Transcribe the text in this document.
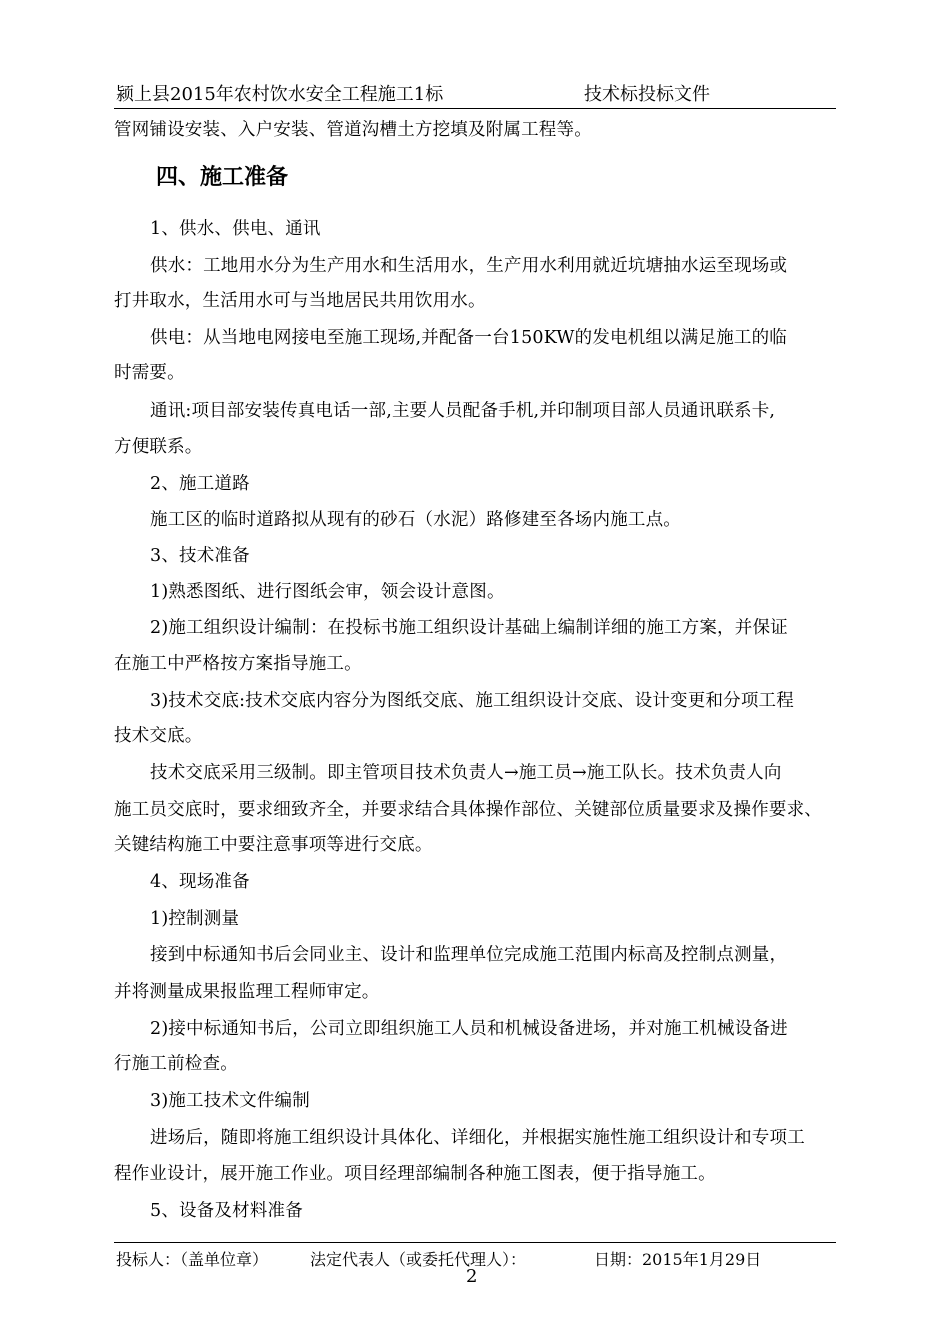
颍上县2015年农村饮水安全工程施工1标	技术标投标文件
管网铺设安装、入户安装、管道沟槽土方挖填及附属工程等。
四、施工准备
1、供水、供电、通讯
供水：工地用水分为生产用水和生活用水，生产用水利用就近坑塘抽水运至现场或
打井取水，生活用水可与当地居民共用饮用水。
供电：从当地电网接电至施工现场,并配备一台150KW的发电机组以满足施工的临
时需要。
通讯:项目部安装传真电话一部,主要人员配备手机,并印制项目部人员通讯联系卡,
方便联系。
2、施工道路
施工区的临时道路拟从现有的砂石（水泥）路修建至各场内施工点。
3、技术准备
1)熟悉图纸、进行图纸会审，领会设计意图。
2)施工组织设计编制：在投标书施工组织设计基础上编制详细的施工方案，并保证
在施工中严格按方案指导施工。
3)技术交底:技术交底内容分为图纸交底、施工组织设计交底、设计变更和分项工程
技术交底。
技术交底采用三级制。即主管项目技术负责人→施工员→施工队长。技术负责人向
施工员交底时，要求细致齐全，并要求结合具体操作部位、关键部位质量要求及操作要求、
关键结构施工中要注意事项等进行交底。
4、现场准备
1)控制测量
接到中标通知书后会同业主、设计和监理单位完成施工范围内标高及控制点测量，
并将测量成果报监理工程师审定。
2)接中标通知书后，公司立即组织施工人员和机械设备进场，并对施工机械设备进
行施工前检查。
3)施工技术文件编制
进场后，随即将施工组织设计具体化、详细化，并根据实施性施工组织设计和专项工
程作业设计，展开施工作业。项目经理部编制各种施工图表，便于指导施工。
5、设备及材料准备
投标人：（盖单位章）	法定代表人（或委托代理人）：	日期：2015年1月29日
2
